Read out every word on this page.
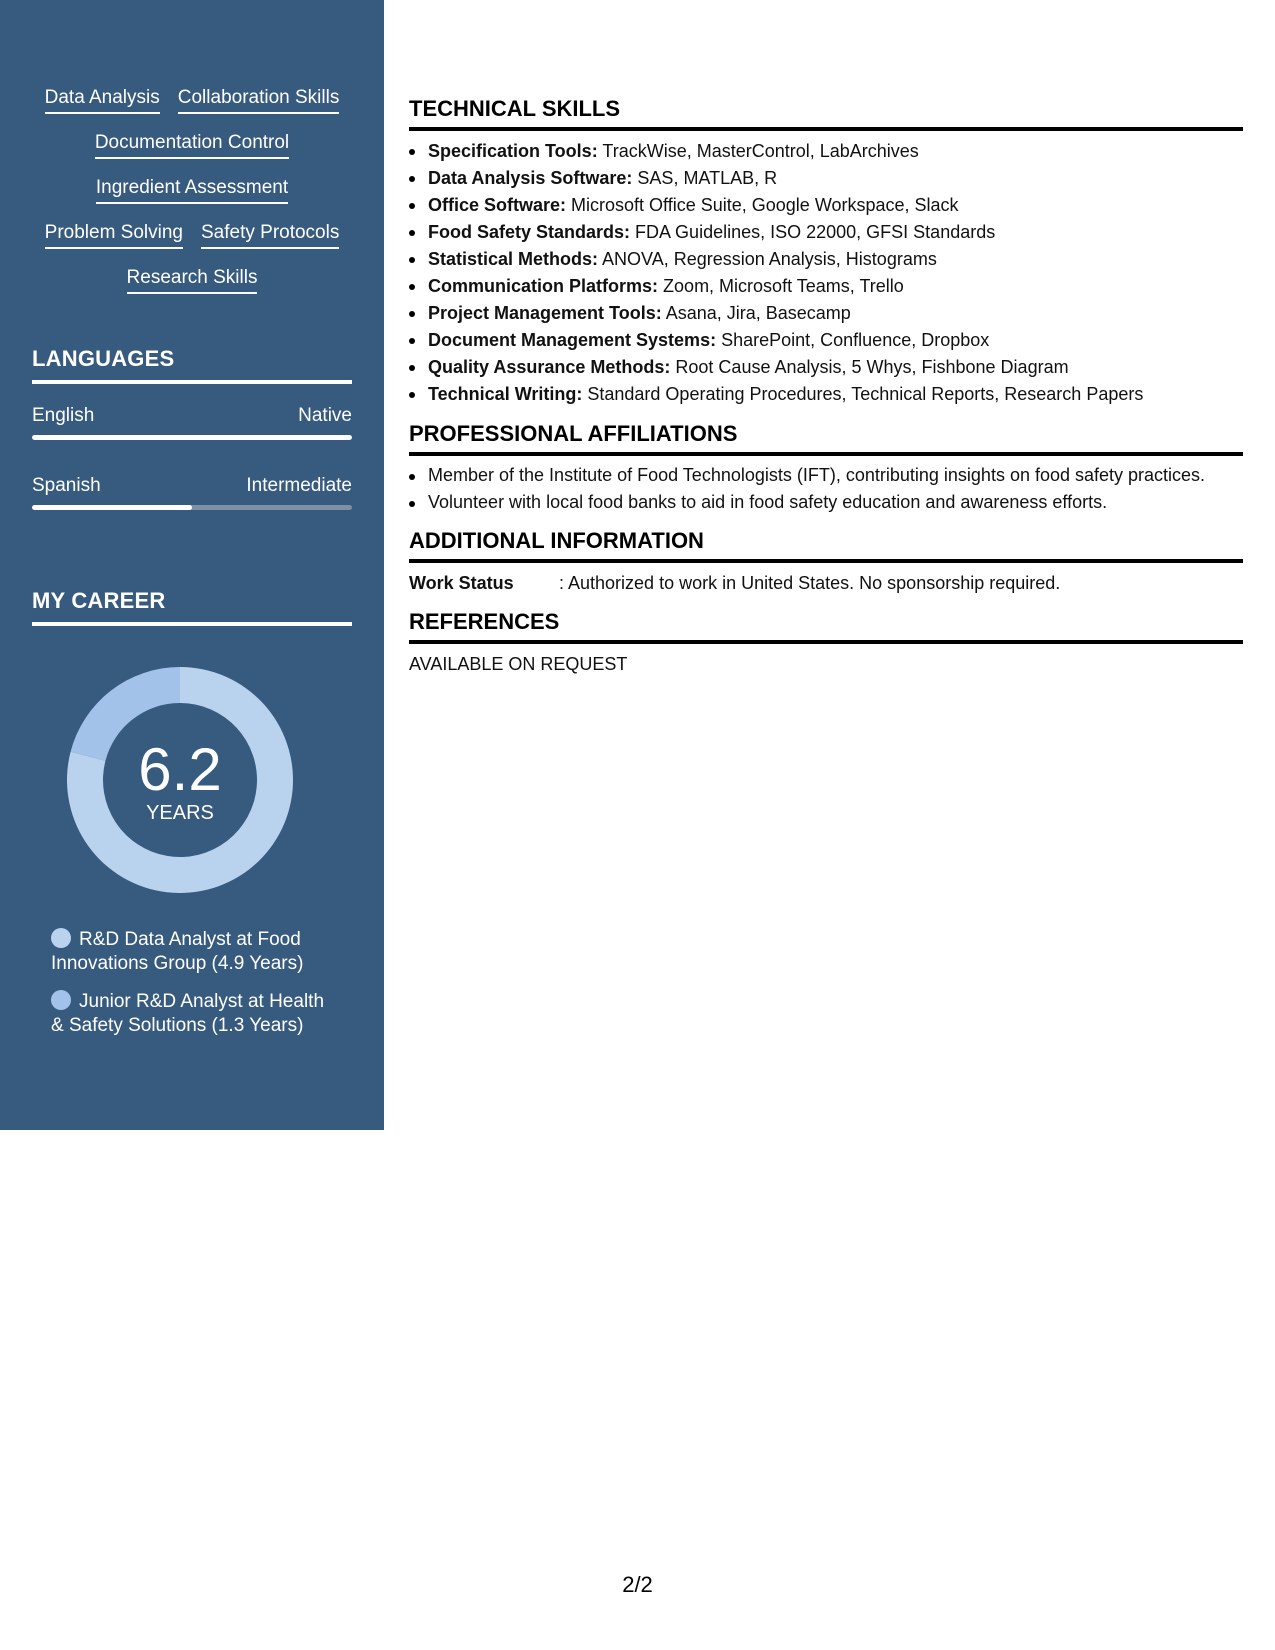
Data Analysis Collaboration Skills
Documentation Control
Ingredient Assessment
Problem Solving Safety Protocols
Research Skills
LANGUAGES
English	Native
Spanish	Intermediate
MY CAREER
6.2
YEARS
R&D Data Analyst at Food Innovations Group (4.9 Years)
Junior R&D Analyst at Health & Safety Solutions (1.3 Years)
TECHNICAL SKILLS
Specification Tools: TrackWise, MasterControl, LabArchives
Data Analysis Software: SAS, MATLAB, R
Office Software: Microsoft Office Suite, Google Workspace, Slack
Food Safety Standards: FDA Guidelines, ISO 22000, GFSI Standards
Statistical Methods: ANOVA, Regression Analysis, Histograms
Communication Platforms: Zoom, Microsoft Teams, Trello
Project Management Tools: Asana, Jira, Basecamp
Document Management Systems: SharePoint, Confluence, Dropbox
Quality Assurance Methods: Root Cause Analysis, 5 Whys, Fishbone Diagram
Technical Writing: Standard Operating Procedures, Technical Reports, Research Papers
PROFESSIONAL AFFILIATIONS
Member of the Institute of Food Technologists (IFT), contributing insights on food safety practices.
Volunteer with local food banks to aid in food safety education and awareness efforts.
ADDITIONAL INFORMATION
Work Status	: Authorized to work in United States. No sponsorship required.
REFERENCES
AVAILABLE ON REQUEST
2/2
